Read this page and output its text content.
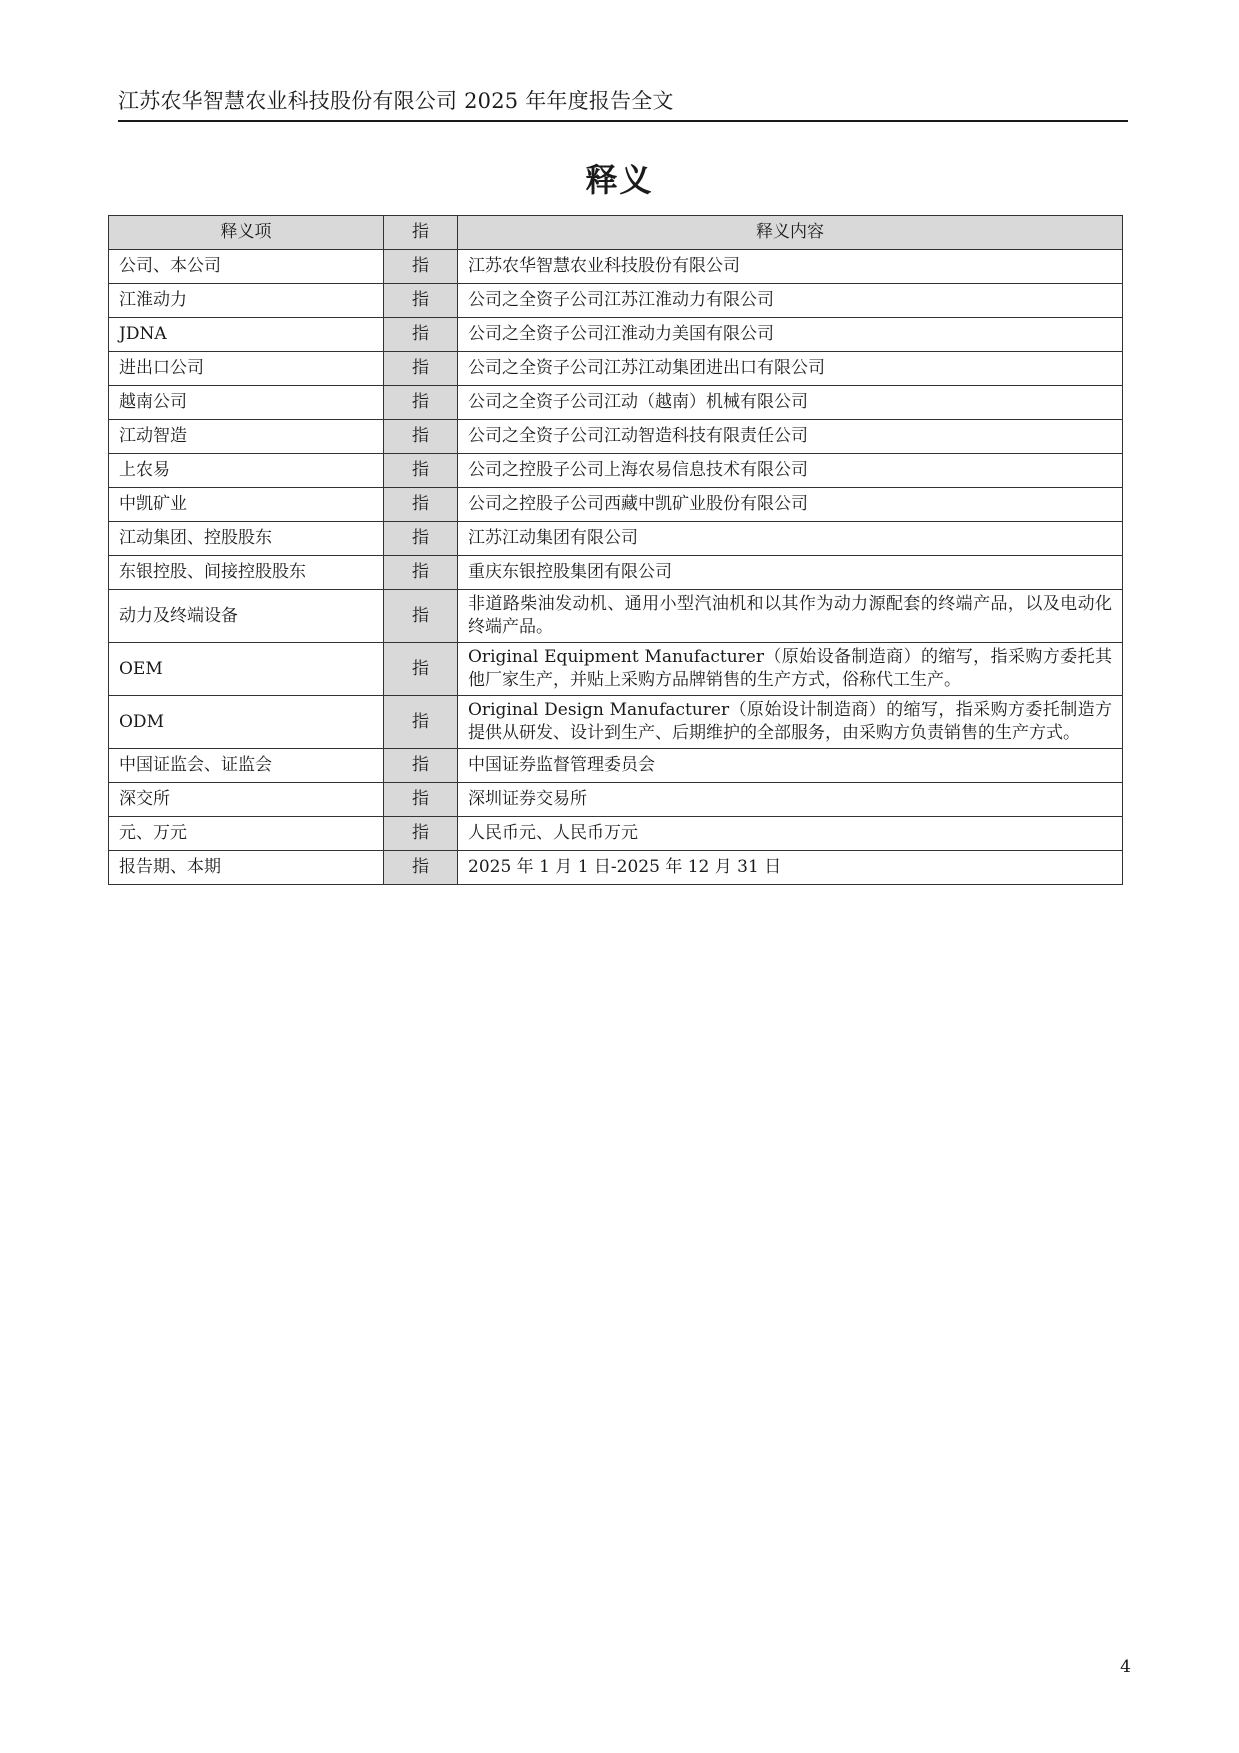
江苏农华智慧农业科技股份有限公司 2025 年年度报告全文
释义
释义项	指	释义内容
公司、本公司	指	江苏农华智慧农业科技股份有限公司
江淮动力	指	公司之全资子公司江苏江淮动力有限公司
JDNA	指	公司之全资子公司江淮动力美国有限公司
进出口公司	指	公司之全资子公司江苏江动集团进出口有限公司
越南公司	指	公司之全资子公司江动（越南）机械有限公司
江动智造	指	公司之全资子公司江动智造科技有限责任公司
上农易	指	公司之控股子公司上海农易信息技术有限公司
中凯矿业	指	公司之控股子公司西藏中凯矿业股份有限公司
江动集团、控股股东	指	江苏江动集团有限公司
东银控股、间接控股股东	指	重庆东银控股集团有限公司
动力及终端设备	指	非道路柴油发动机、通用小型汽油机和以其作为动力源配套的终端产品，以及电动化终端产品。
OEM	指	Original Equipment Manufacturer（原始设备制造商）的缩写，指采购方委托其他厂家生产，并贴上采购方品牌销售的生产方式，俗称代工生产。
ODM	指	Original Design Manufacturer（原始设计制造商）的缩写，指采购方委托制造方提供从研发、设计到生产、后期维护的全部服务，由采购方负责销售的生产方式。
中国证监会、证监会	指	中国证券监督管理委员会
深交所	指	深圳证券交易所
元、万元	指	人民币元、人民币万元
报告期、本期	指	2025 年 1 月 1 日-2025 年 12 月 31 日
4
